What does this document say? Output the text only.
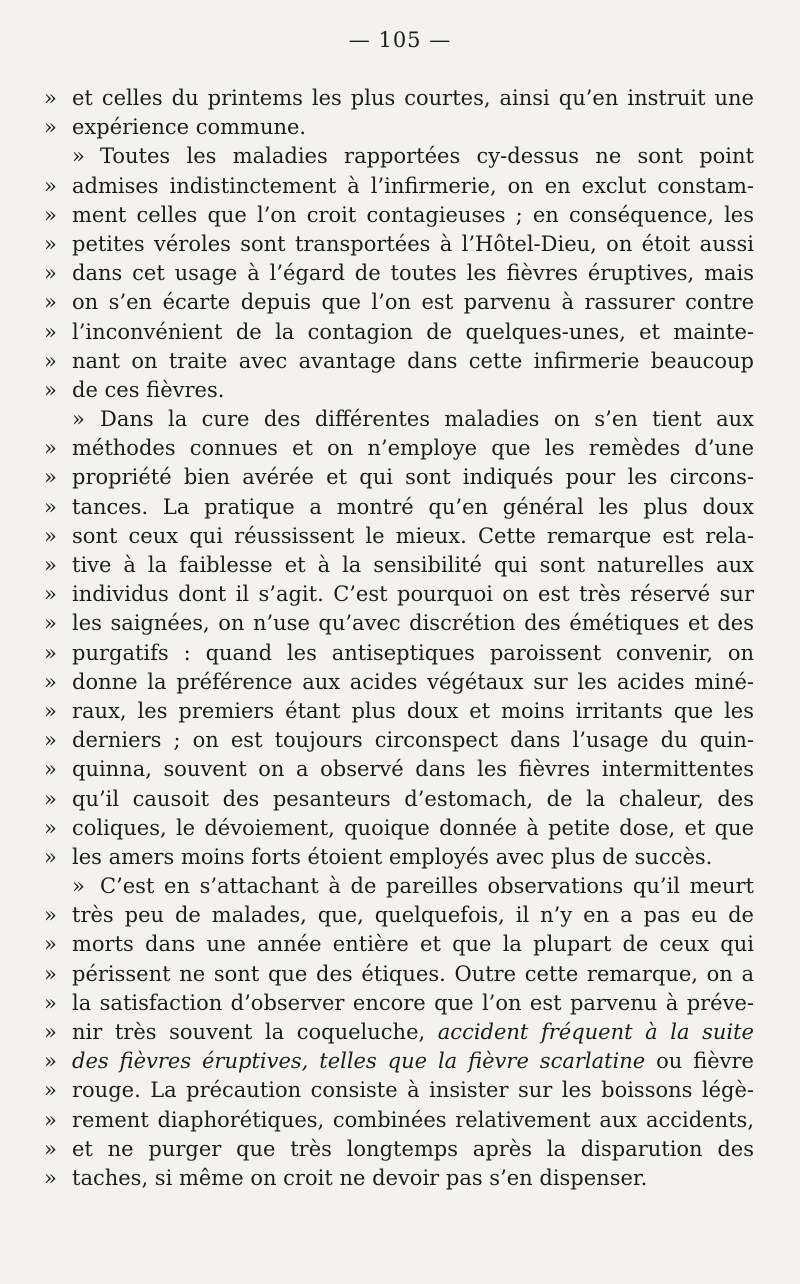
— 105 —
» et celles du printems les plus courtes, ainsi qu’en instruit une
» expérience commune.
» Toutes les maladies rapportées cy-dessus ne sont point
» admises indistinctement à l’infirmerie, on en exclut constam-
» ment celles que l’on croit contagieuses ; en conséquence, les
» petites véroles sont transportées à l’Hôtel-Dieu, on étoit aussi
» dans cet usage à l’égard de toutes les fièvres éruptives, mais
» on s’en écarte depuis que l’on est parvenu à rassurer contre
» l’inconvénient de la contagion de quelques-unes, et mainte-
» nant on traite avec avantage dans cette infirmerie beaucoup
» de ces fièvres.
» Dans la cure des différentes maladies on s’en tient aux
» méthodes connues et on n’employe que les remèdes d’une
» propriété bien avérée et qui sont indiqués pour les circons-
» tances. La pratique a montré qu’en général les plus doux
» sont ceux qui réussissent le mieux. Cette remarque est rela-
» tive à la faiblesse et à la sensibilité qui sont naturelles aux
» individus dont il s’agit. C’est pourquoi on est très réservé sur
» les saignées, on n’use qu’avec discrétion des émétiques et des
» purgatifs : quand les antiseptiques paroissent convenir, on
» donne la préférence aux acides végétaux sur les acides miné-
» raux, les premiers étant plus doux et moins irritants que les
» derniers ; on est toujours circonspect dans l’usage du quin-
» quinna, souvent on a observé dans les fièvres intermittentes
» qu’il causoit des pesanteurs d’estomach, de la chaleur, des
» coliques, le dévoiement, quoique donnée à petite dose, et que
» les amers moins forts étoient employés avec plus de succès.
» C’est en s’attachant à de pareilles observations qu’il meurt
» très peu de malades, que, quelquefois, il n’y en a pas eu de
» morts dans une année entière et que la plupart de ceux qui
» périssent ne sont que des étiques. Outre cette remarque, on a
» la satisfaction d’observer encore que l’on est parvenu à préve-
» nir très souvent la coqueluche, accident fréquent à la suite
» des fièvres éruptives, telles que la fièvre scarlatine ou fièvre
» rouge. La précaution consiste à insister sur les boissons légè-
» rement diaphorétiques, combinées relativement aux accidents,
» et ne purger que très longtemps après la disparution des
» taches, si même on croit ne devoir pas s’en dispenser.
